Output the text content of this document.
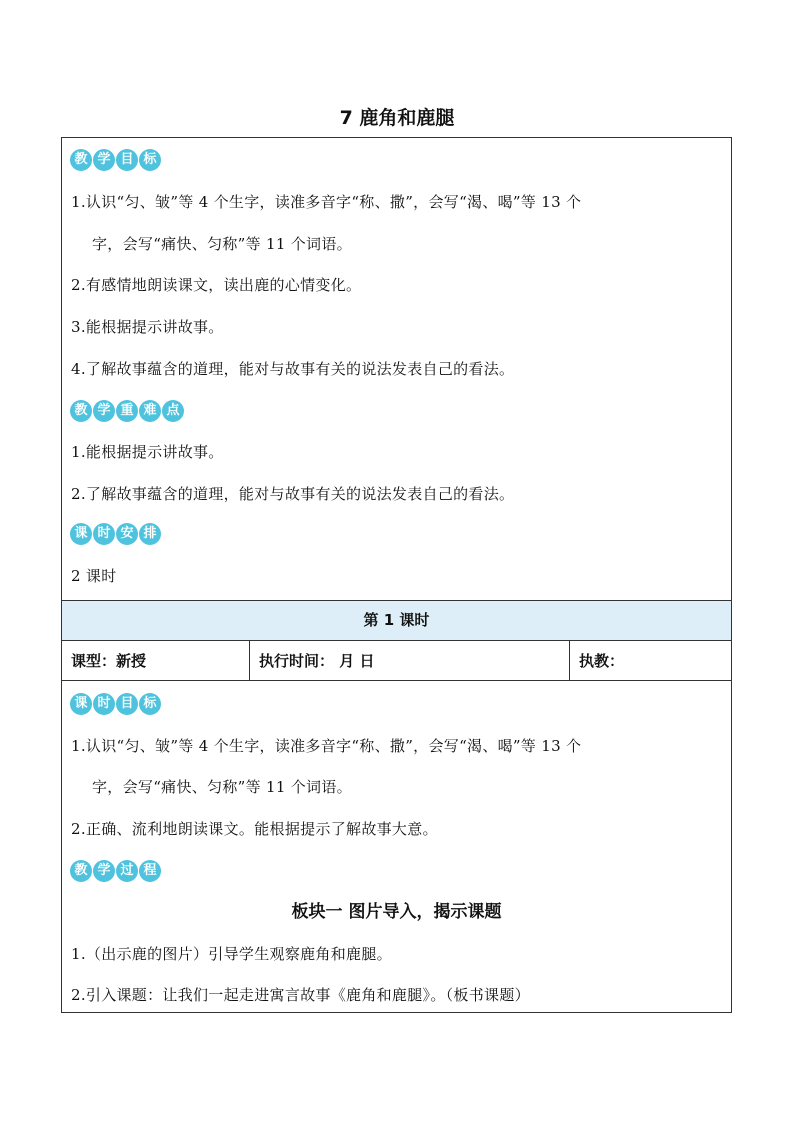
7 鹿角和鹿腿
教 学 目 标
1.认识“匀、皱”等 4 个生字，读准多音字“称、撒”，会写“渴、喝”等 13 个
字，会写“痛快、匀称”等 11 个词语。
2.有感情地朗读课文，读出鹿的心情变化。
3.能根据提示讲故事。
4.了解故事蕴含的道理，能对与故事有关的说法发表自己的看法。
教 学 重 难 点
1.能根据提示讲故事。
2.了解故事蕴含的道理，能对与故事有关的说法发表自己的看法。
课 时 安 排
2 课时
第 1 课时
课型：新授	执行时间： 月 日	执教：
课 时 目 标
1.认识“匀、皱”等 4 个生字，读准多音字“称、撒”，会写“渴、喝”等 13 个
字，会写“痛快、匀称”等 11 个词语。
2.正确、流利地朗读课文。能根据提示了解故事大意。
教 学 过 程
板块一 图片导入，揭示课题
1.（出示鹿的图片）引导学生观察鹿角和鹿腿。
2.引入课题：让我们一起走进寓言故事《鹿角和鹿腿》。（板书课题）
